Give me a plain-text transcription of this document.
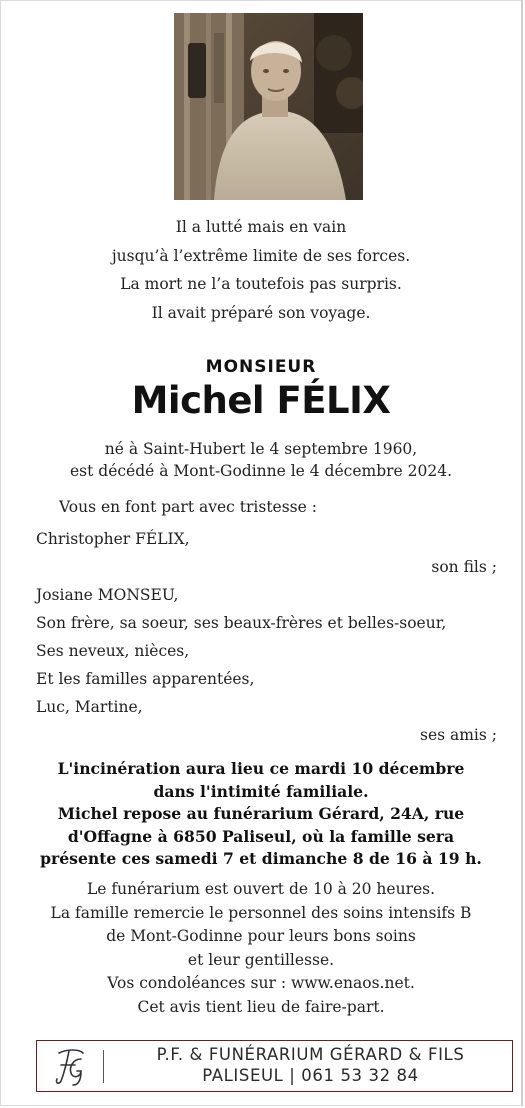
Il a lutté mais en vain
jusqu’à l’extrême limite de ses forces.
La mort ne l’a toutefois pas surpris.
Il avait préparé son voyage.
MONSIEUR
Michel FÉLIX
né à Saint-Hubert le 4 septembre 1960,
est décédé à Mont-Godinne le 4 décembre 2024.
Vous en font part avec tristesse :
Christopher FÉLIX,
son fils ;
Josiane MONSEU,
Son frère, sa soeur, ses beaux-frères et belles-soeur,
Ses neveux, nièces,
Et les familles apparentées,
Luc, Martine,
ses amis ;
L'incinération aura lieu ce mardi 10 décembre
dans l'intimité familiale.
Michel repose au funérarium Gérard, 24A, rue
d'Offagne à 6850 Paliseul, où la famille sera
présente ces samedi 7 et dimanche 8 de 16 à 19 h.
Le funérarium est ouvert de 10 à 20 heures.
La famille remercie le personnel des soins intensifs B
de Mont-Godinne pour leurs bons soins
et leur gentillesse.
Vos condoléances sur : www.enaos.net.
Cet avis tient lieu de faire-part.
P.F. & FUNÉRARIUM GÉRARD & FILS
PALISEUL | 061 53 32 84
